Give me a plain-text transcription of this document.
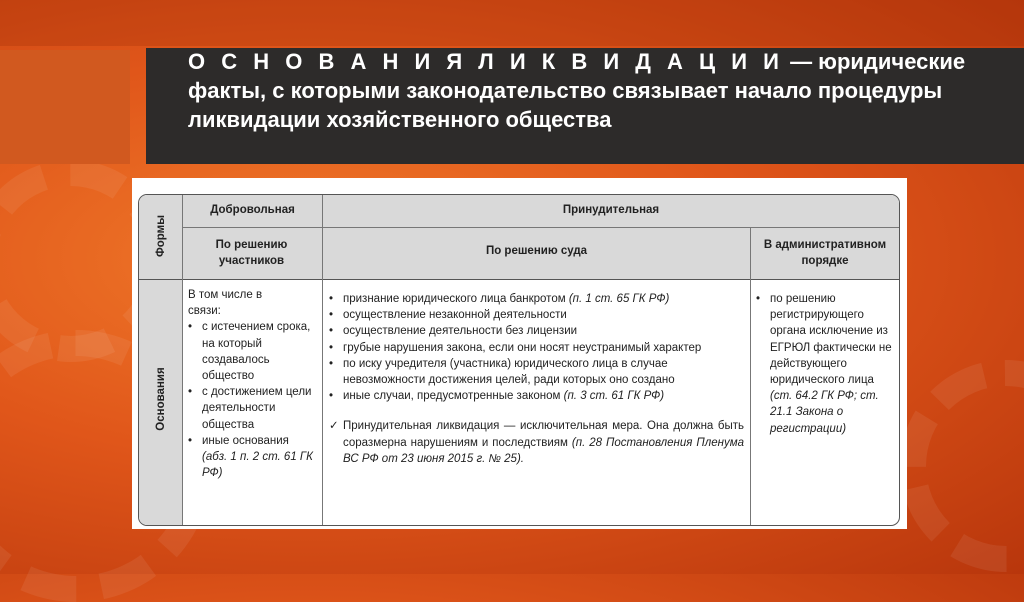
О С Н О В А Н И Я Л И К В И Д А Ц И И — юридические факты, с которыми законодательство связывает начало процедуры ликвидации хозяйственного общества
Формы
Основания
Добровольная	Принудительная
По решению участников
По решению суда	В административном порядке
В том числе в связи:
• с истечением срока, на который создавалось общество
• с достижением цели деятельности общества
• иные основания
(абз. 1 п. 2 ст. 61 ГК РФ)
• признание юридического лица банкротом (п. 1 ст. 65 ГК РФ)
• осуществление незаконной деятельности
• осуществление деятельности без лицензии
• грубые нарушения закона, если они носят неустранимый характер
• по иску учредителя (участника) юридического лица в случае невозможности достижения целей, ради которых оно создано
• иные случаи, предусмотренные законом (п. 3 ст. 61 ГК РФ)
✓ Принудительная ликвидация — исключительная мера. Она должна быть соразмерна нарушениям и последствиям (п. 28 Постановления Пленума ВС РФ от 23 июня 2015 г. № 25).
• по решению регистрирующего органа исключение из ЕГРЮЛ фактически не действующего юридического лица (ст. 64.2 ГК РФ; ст. 21.1 Закона о регистрации)
